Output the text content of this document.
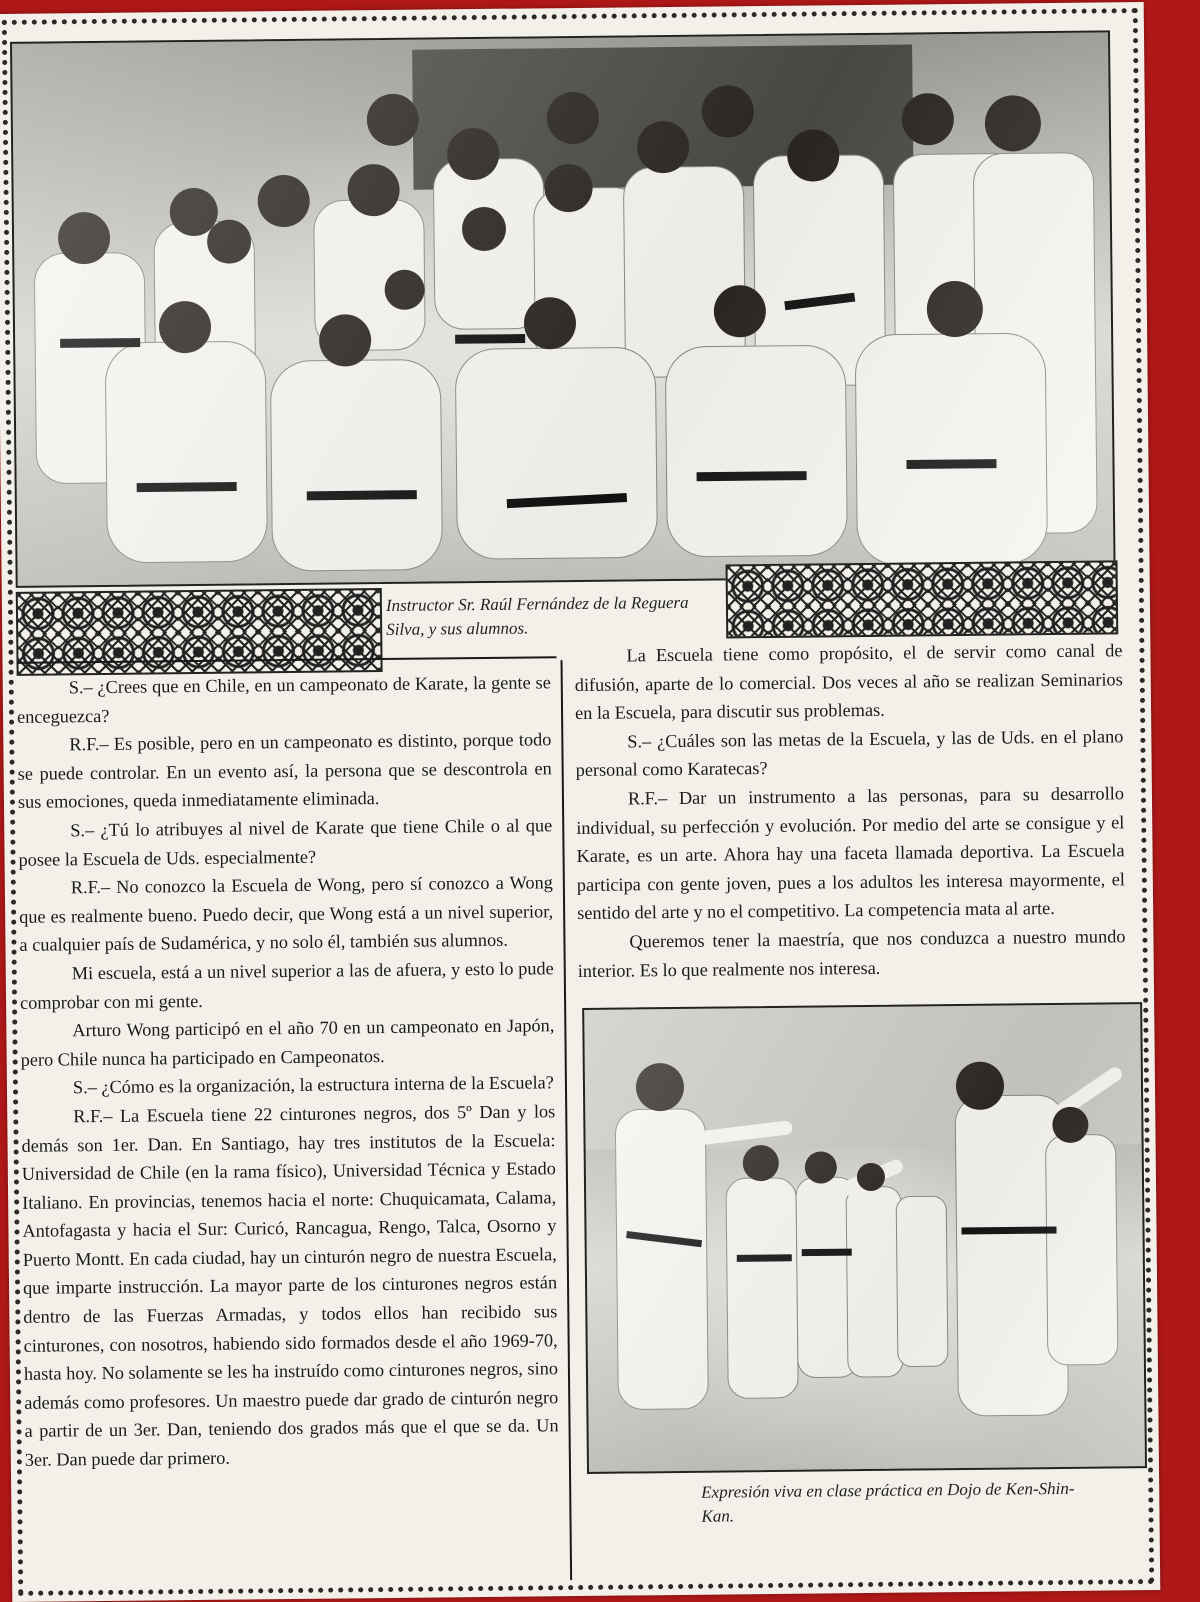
Instructor Sr. Raúl Fernández de la Reguera Silva, y sus alumnos.

S.– ¿Crees que en Chile, en un campeonato de Karate, la gente se enceguezca?

R.F.– Es posible, pero en un campeonato es distinto, porque todo se puede controlar. En un evento así, la persona que se descontrola en sus emociones, queda inmediatamente eliminada.

S.– ¿Tú lo atribuyes al nivel de Karate que tiene Chile o al que posee la Escuela de Uds. especialmente?

R.F.– No conozco la Escuela de Wong, pero sí conozco a Wong que es realmente bueno. Puedo decir, que Wong está a un nivel superior, a cualquier país de Sudamérica, y no solo él, también sus alumnos.

Mi escuela, está a un nivel superior a las de afuera, y esto lo pude comprobar con mi gente.

Arturo Wong participó en el año 70 en un campeonato en Japón, pero Chile nunca ha participado en Campeonatos.

S.– ¿Cómo es la organización, la estructura interna de la Escuela?

R.F.– La Escuela tiene 22 cinturones negros, dos 5º Dan y los demás son 1er. Dan. En Santiago, hay tres institutos de la Escuela: Universidad de Chile (en la rama físico), Universidad Técnica y Estado Italiano. En provincias, tenemos hacia el norte: Chuquicamata, Calama, Antofagasta y hacia el Sur: Curicó, Rancagua, Rengo, Talca, Osorno y Puerto Montt. En cada ciudad, hay un cinturón negro de nuestra Escuela, que imparte instrucción. La mayor parte de los cinturones negros están dentro de las Fuerzas Armadas, y todos ellos han recibido sus cinturones, con nosotros, habiendo sido formados desde el año 1969-70, hasta hoy. No solamente se les ha instruído como cinturones negros, sino además como profesores. Un maestro puede dar grado de cinturón negro a partir de un 3er. Dan, teniendo dos grados más que el que se da. Un 3er. Dan puede dar primero.

La Escuela tiene como propósito, el de servir como canal de difusión, aparte de lo comercial. Dos veces al año se realizan Seminarios en la Escuela, para discutir sus problemas.

S.– ¿Cuáles son las metas de la Escuela, y las de Uds. en el plano personal como Karatecas?

R.F.– Dar un instrumento a las personas, para su desarrollo individual, su perfección y evolución. Por medio del arte se consigue y el Karate, es un arte. Ahora hay una faceta llamada deportiva. La Escuela participa con gente joven, pues a los adultos les interesa mayormente, el sentido del arte y no el competitivo. La competencia mata al arte.

Queremos tener la maestría, que nos conduzca a nuestro mundo interior. Es lo que realmente nos interesa.

Expresión viva en clase práctica en Dojo de Ken-Shin-Kan.
